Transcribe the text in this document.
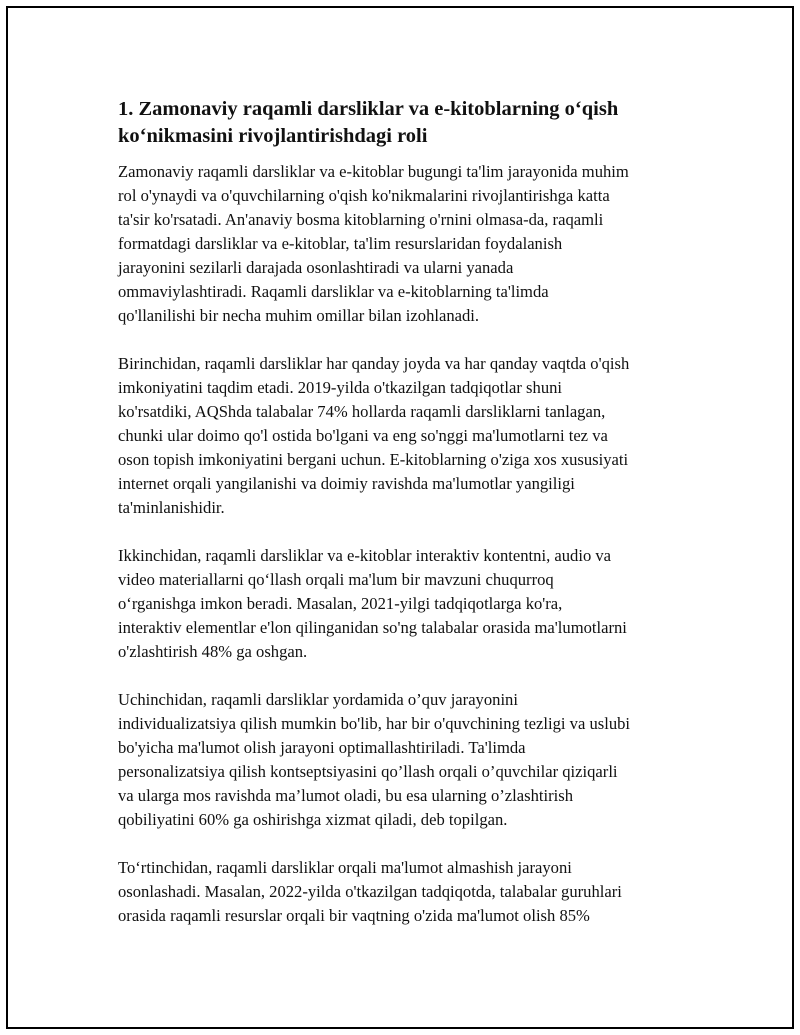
1. Zamonaviy raqamli darsliklar va e-kitoblarning o‘qish
ko‘nikmasini rivojlantirishdagi roli

Zamonaviy raqamli darsliklar va e-kitoblar bugungi ta'lim jarayonida muhim
rol o'ynaydi va o'quvchilarning o'qish ko'nikmalarini rivojlantirishga katta
ta'sir ko'rsatadi. An'anaviy bosma kitoblarning o'rnini olmasa-da, raqamli
formatdagi darsliklar va e-kitoblar, ta'lim resurslaridan foydalanish
jarayonini sezilarli darajada osonlashtiradi va ularni yanada
ommaviylashtiradi. Raqamli darsliklar va e-kitoblarning ta'limda
qo'llanilishi bir necha muhim omillar bilan izohlanadi.

Birinchidan, raqamli darsliklar har qanday joyda va har qanday vaqtda o'qish
imkoniyatini taqdim etadi. 2019-yilda o'tkazilgan tadqiqotlar shuni
ko'rsatdiki, AQShda talabalar 74% hollarda raqamli darsliklarni tanlagan,
chunki ular doimo qo'l ostida bo'lgani va eng so'nggi ma'lumotlarni tez va
oson topish imkoniyatini bergani uchun. E-kitoblarning o'ziga xos xususiyati
internet orqali yangilanishi va doimiy ravishda ma'lumotlar yangiligi
ta'minlanishidir.

Ikkinchidan, raqamli darsliklar va e-kitoblar interaktiv kontentni, audio va
video materiallarni qo‘llash orqali ma'lum bir mavzuni chuqurroq
o‘rganishga imkon beradi. Masalan, 2021-yilgi tadqiqotlarga ko'ra,
interaktiv elementlar e'lon qilinganidan so'ng talabalar orasida ma'lumotlarni
o'zlashtirish 48% ga oshgan.

Uchinchidan, raqamli darsliklar yordamida o’quv jarayonini
individualizatsiya qilish mumkin bo'lib, har bir o'quvchining tezligi va uslubi
bo'yicha ma'lumot olish jarayoni optimallashtiriladi. Ta'limda
personalizatsiya qilish kontseptsiyasini qo’llash orqali o’quvchilar qiziqarli
va ularga mos ravishda ma’lumot oladi, bu esa ularning o’zlashtirish
qobiliyatini 60% ga oshirishga xizmat qiladi, deb topilgan.

To‘rtinchidan, raqamli darsliklar orqali ma'lumot almashish jarayoni
osonlashadi. Masalan, 2022-yilda o'tkazilgan tadqiqotda, talabalar guruhlari
orasida raqamli resurslar orqali bir vaqtning o'zida ma'lumot olish 85%
